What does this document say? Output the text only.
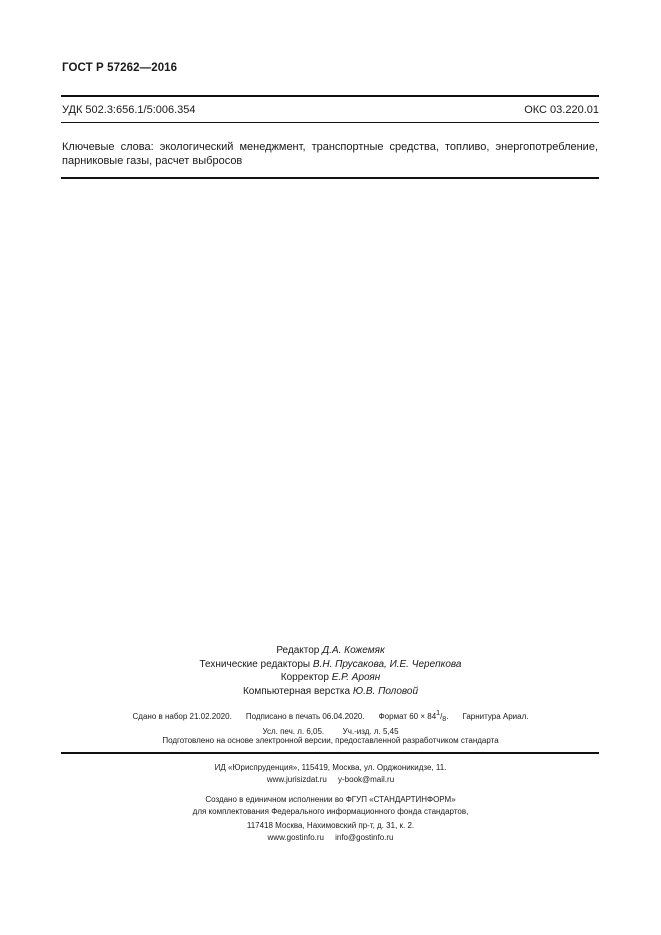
ГОСТ Р 57262—2016
УДК 502.3:656.1/5:006.354	ОКС 03.220.01
Ключевые слова: экологический менеджмент, транспортные средства, топливо, энергопотребление,
парниковые газы, расчет выбросов
Редактор Д.А. Кожемяк
Технические редакторы В.Н. Прусакова, И.Е. Черепкова
Корректор Е.Р. Ароян
Компьютерная верстка Ю.В. Половой
Сдано в набор 21.02.2020. Подписано в печать 06.04.2020. Формат $60 \times 84^1/_8$. Гарнитура Ариал.
Усл. печ. л. 6,05. Уч.-изд. л. 5,45
Подготовлено на основе электронной версии, предоставленной разработчиком стандарта
ИД «Юриспруденция», 115419, Москва, ул. Орджоникидзе, 11.
www.jurisizdat.ru y-book@mail.ru
Создано в единичном исполнении во ФГУП «СТАНДАРТИНФОРМ»
для комплектования Федерального информационного фонда стандартов,
117418 Москва, Нахимовский пр-т, д. 31, к. 2.
www.gostinfo.ru info@gostinfo.ru
